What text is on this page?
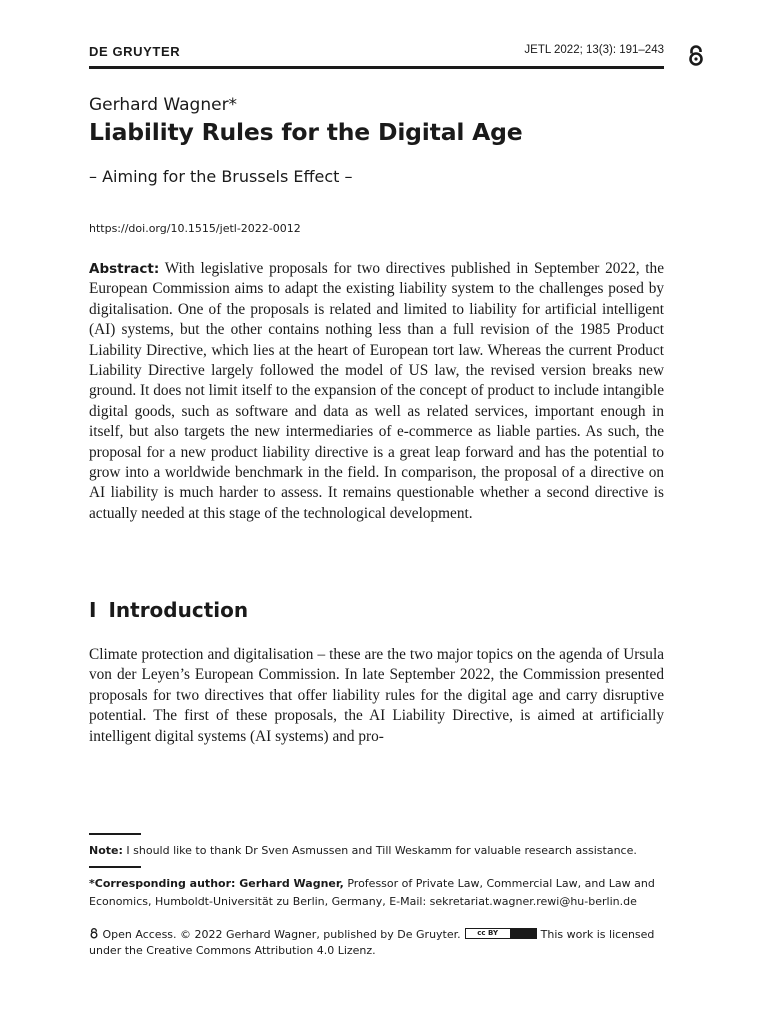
DE GRUYTER	JETL 2022; 13(3): 191–243
Gerhard Wagner*
Liability Rules for the Digital Age
– Aiming for the Brussels Effect –
https://doi.org/10.1515/jetl-2022-0012

Abstract: With legislative proposals for two directives published in September 2022, the European Commission aims to adapt the existing liability system to the challenges posed by digitalisation. One of the proposals is related and limited to liability for artificial intelligent (AI) systems, but the other contains nothing less than a full revision of the 1985 Product Liability Directive, which lies at the heart of European tort law. Whereas the current Product Liability Directive largely followed the model of US law, the revised version breaks new ground. It does not limit itself to the expansion of the concept of product to include intangible digital goods, such as software and data as well as related services, important enough in itself, but also targets the new intermediaries of e-commerce as liable parties. As such, the proposal for a new product liability directive is a great leap forward and has the potential to grow into a worldwide benchmark in the field. In comparison, the proposal of a directive on AI liability is much harder to assess. It remains questionable whether a second directive is actually needed at this stage of the technological development.

I Introduction

Climate protection and digitalisation – these are the two major topics on the agenda of Ursula von der Leyen’s European Commission. In late September 2022, the Commission presented proposals for two directives that offer liability rules for the digital age and carry disruptive potential. The first of these proposals, the AI Liability Directive, is aimed at artificially intelligent digital systems (AI systems) and pro-

Note: I should like to thank Dr Sven Asmussen and Till Weskamm for valuable research assistance.

*Corresponding author: Gerhard Wagner, Professor of Private Law, Commercial Law, and Law and Economics, Humboldt-Universität zu Berlin, Germany, E-Mail: sekretariat.wagner.rewi@hu-berlin.de

Open Access. © 2022 Gerhard Wagner, published by De Gruyter.	cc BY	This work is licensed under the Creative Commons Attribution 4.0 Lizenz.
